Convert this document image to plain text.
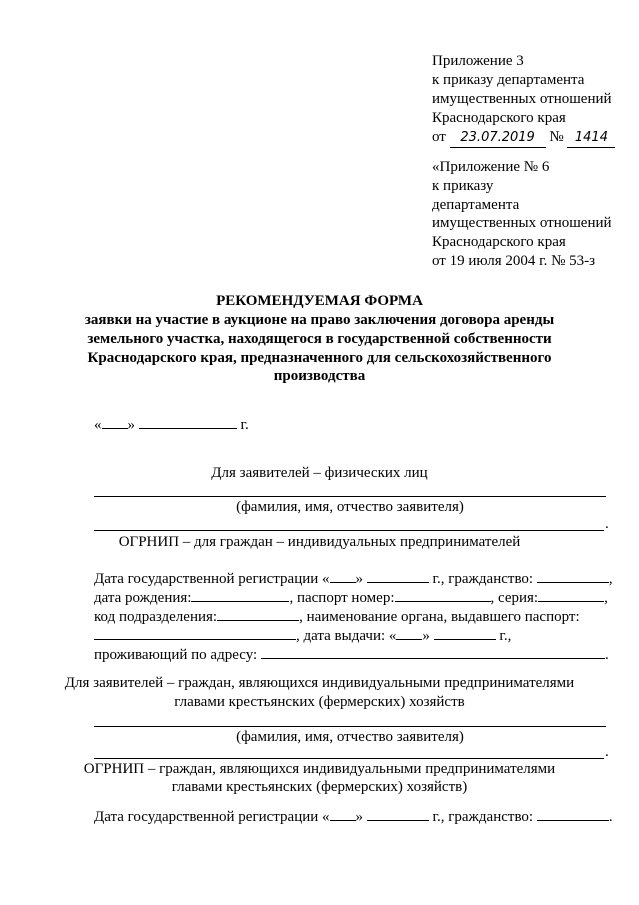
Приложение 3
к приказу департамента
имущественных отношений
Краснодарского края
от 23.07.2019 № 1414
«Приложение № 6
к приказу
департамента
имущественных отношений
Краснодарского края
от 19 июля 2004 г. № 53-з
РЕКОМЕНДУЕМАЯ ФОРМА
заявки на участие в аукционе на право заключения договора аренды
земельного участка, находящегося в государственной собственности
Краснодарского края, предназначенного для сельскохозяйственного
производства
« »	г.
Для заявителей – физических лиц
(фамилия, имя, отчество заявителя)
.
ОГРНИП – для граждан – индивидуальных предпринимателей
Дата государственной регистрации « »	г., гражданство:	,
дата рождения:	, паспорт номер:	, серия:	,
код подразделения:	, наименование органа, выдавшего паспорт:
, дата выдачи: « »	г.,
проживающий по адресу:	.
Для заявителей – граждан, являющихся индивидуальными предпринимателями
главами крестьянских (фермерских) хозяйств
(фамилия, имя, отчество заявителя)
.
ОГРНИП – граждан, являющихся индивидуальными предпринимателями
главами крестьянских (фермерских) хозяйств)
Дата государственной регистрации « »	г., гражданство:	.
